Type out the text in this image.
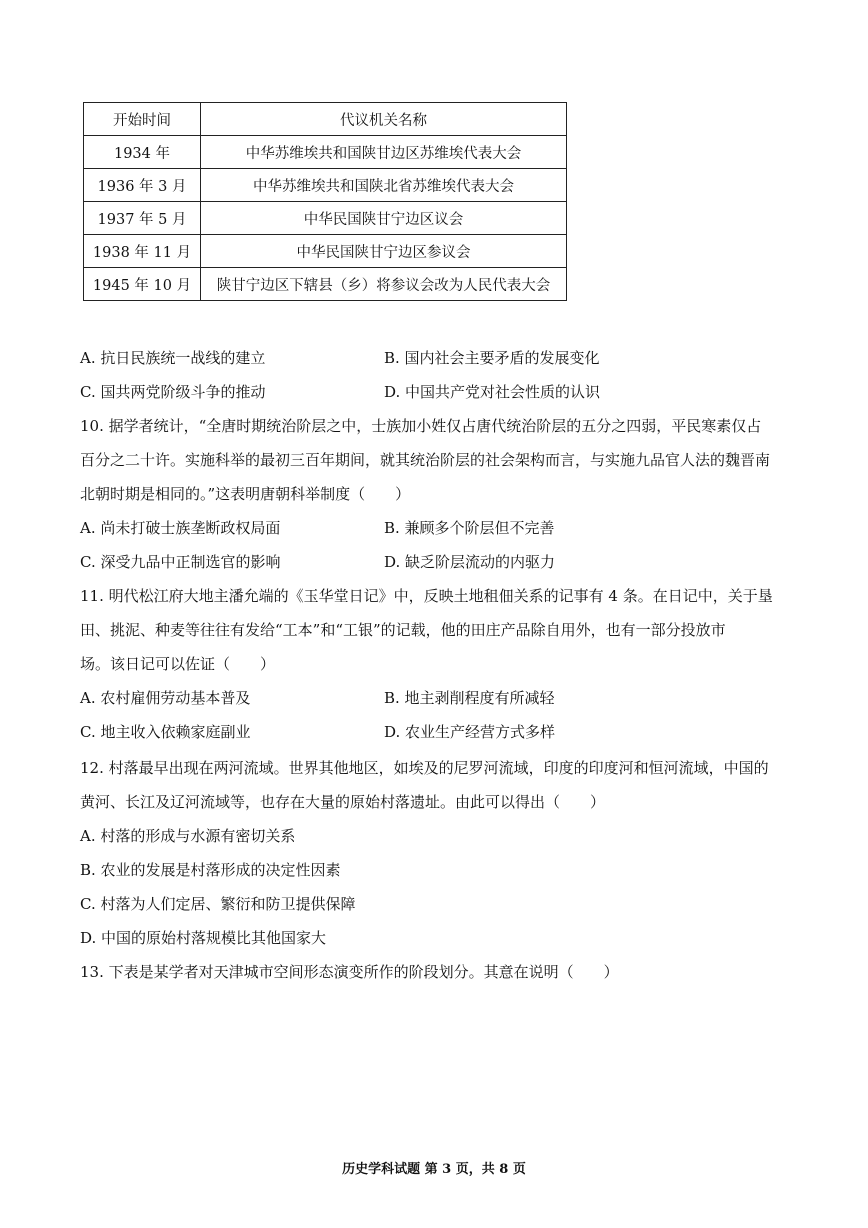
开始时间	代议机关名称
1934 年	中华苏维埃共和国陕甘边区苏维埃代表大会
1936 年 3 月	中华苏维埃共和国陕北省苏维埃代表大会
1937 年 5 月	中华民国陕甘宁边区议会
1938 年 11 月	中华民国陕甘宁边区参议会
1945 年 10 月	陕甘宁边区下辖县（乡）将参议会改为人民代表大会
A. 抗日民族统一战线的建立	B. 国内社会主要矛盾的发展变化
C. 国共两党阶级斗争的推动	D. 中国共产党对社会性质的认识
10. 据学者统计，“全唐时期统治阶层之中，士族加小姓仅占唐代统治阶层的五分之四弱，平民寒素仅占
百分之二十许。实施科举的最初三百年期间，就其统治阶层的社会架构而言，与实施九品官人法的魏晋南
北朝时期是相同的。”这表明唐朝科举制度（　　）
A. 尚未打破士族垄断政权局面	B. 兼顾多个阶层但不完善
C. 深受九品中正制选官的影响	D. 缺乏阶层流动的内驱力
11. 明代松江府大地主潘允端的《玉华堂日记》中，反映土地租佃关系的记事有 4 条。在日记中，关于垦
田、挑泥、种麦等往往有发给“工本”和“工银”的记载，他的田庄产品除自用外，也有一部分投放市
场。该日记可以佐证（　　）
A. 农村雇佣劳动基本普及	B. 地主剥削程度有所减轻
C. 地主收入依赖家庭副业	D. 农业生产经营方式多样
12. 村落最早出现在两河流域。世界其他地区，如埃及的尼罗河流域，印度的印度河和恒河流域，中国的
黄河、长江及辽河流域等，也存在大量的原始村落遗址。由此可以得出（　　）
A. 村落的形成与水源有密切关系
B. 农业的发展是村落形成的决定性因素
C. 村落为人们定居、繁衍和防卫提供保障
D. 中国的原始村落规模比其他国家大
13. 下表是某学者对天津城市空间形态演变所作的阶段划分。其意在说明（　　）
历史学科试题 第 3 页，共 8 页
